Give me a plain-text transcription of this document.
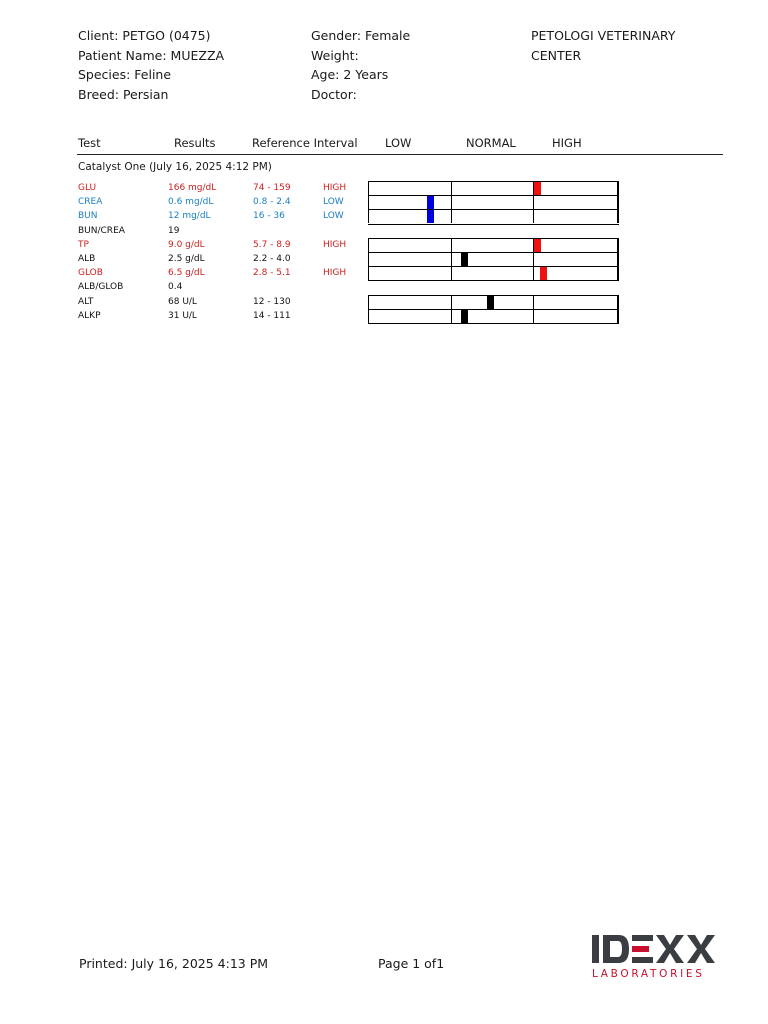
Client: PETGO (0475)
Patient Name: MUEZZA
Species: Feline
Breed: Persian
Gender: Female
Weight:
Age: 2 Years
Doctor:
PETOLOGI VETERINARY
CENTER
Test	Results	Reference Interval LOW	NORMAL	HIGH
Catalyst One (July 16, 2025 4:12 PM)
GLU	166 mg/dL	74 - 159	HIGH
CREA	0.6 mg/dL	0.8 - 2.4	LOW
BUN	12 mg/dL	16 - 36	LOW
BUN/CREA	19
TP	9.0 g/dL	5.7 - 8.9	HIGH
ALB	2.5 g/dL	2.2 - 4.0
GLOB	6.5 g/dL	2.8 - 5.1	HIGH
ALB/GLOB	0.4
ALT	68 U/L	12 - 130
ALKP	31 U/L	14 - 111
Printed: July 16, 2025 4:13 PM	Page 1 of1
LABORATORIES
